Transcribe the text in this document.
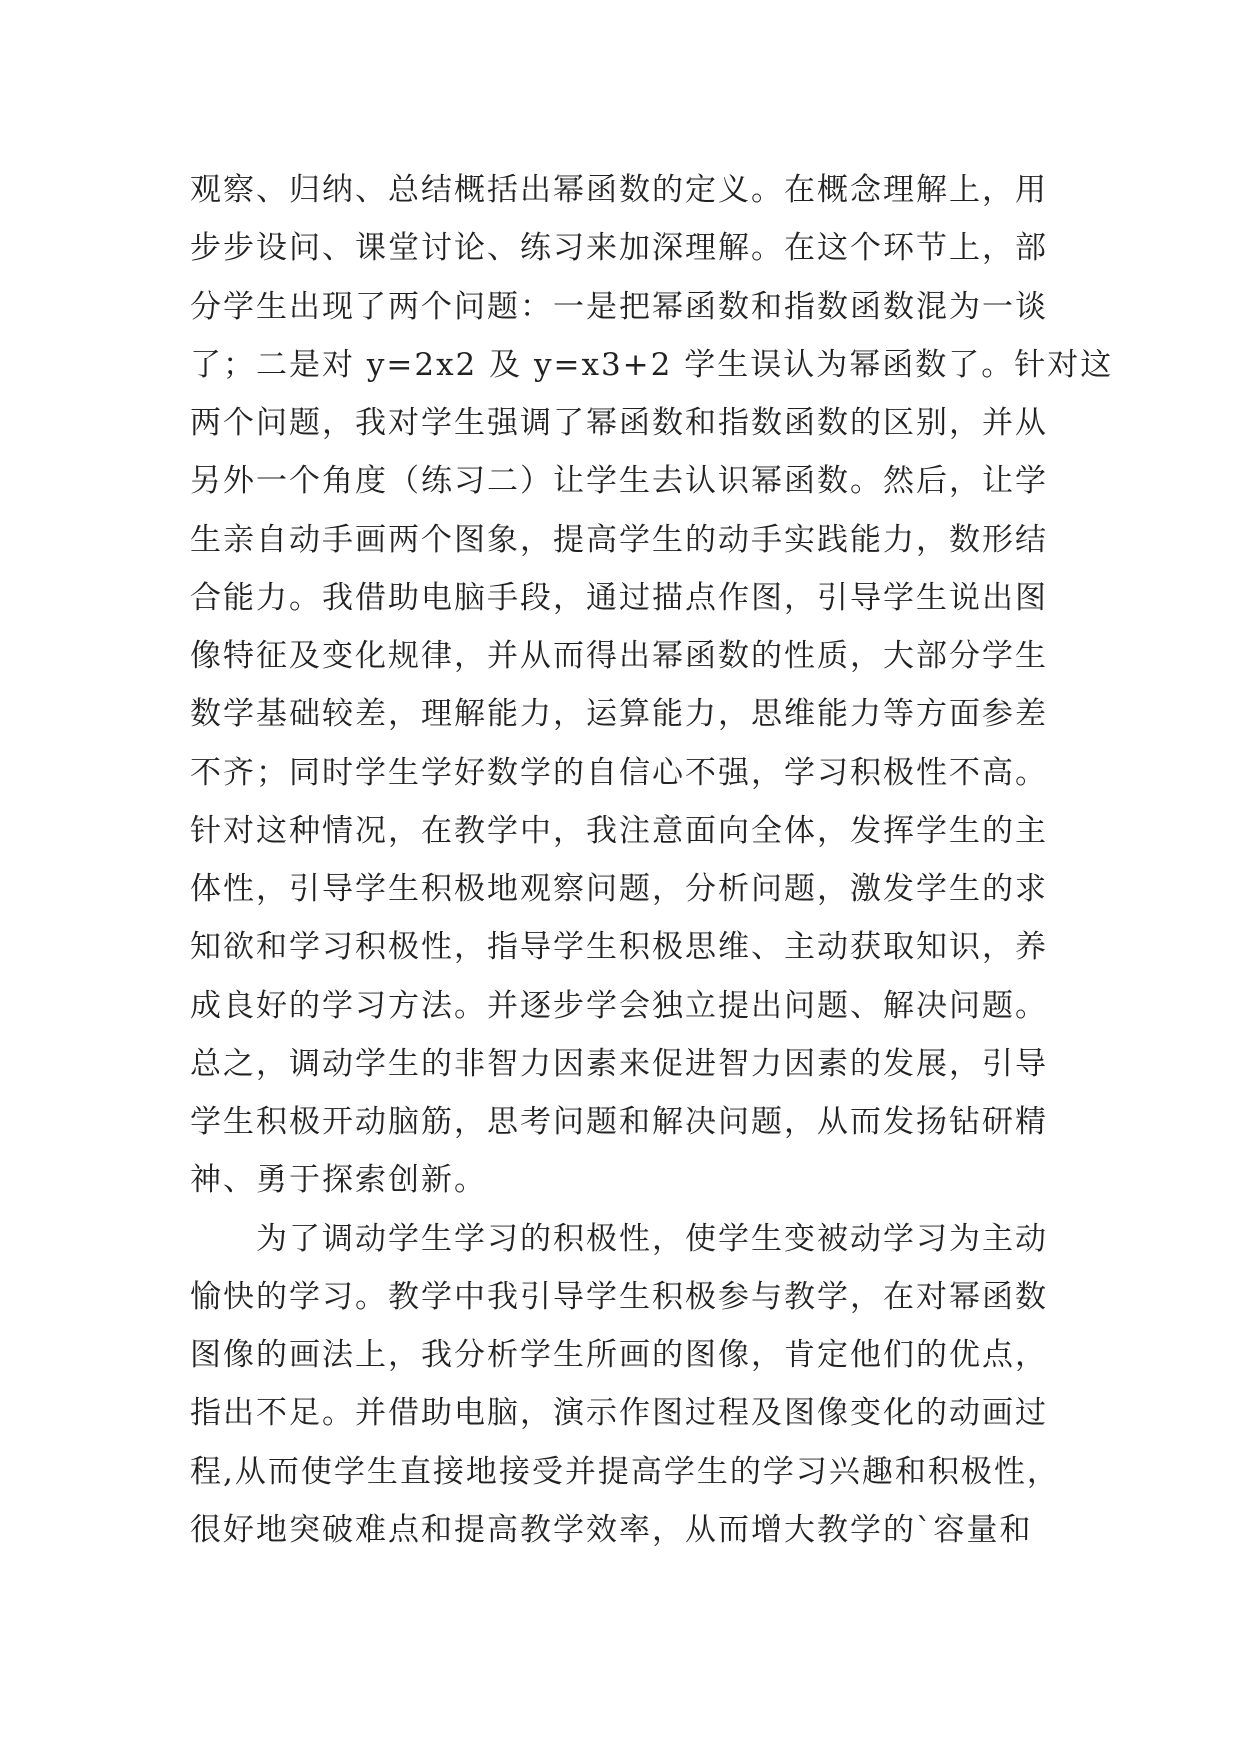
观察、归纳、总结概括出幂函数的定义。在概念理解上，用
步步设问、课堂讨论、练习来加深理解。在这个环节上，部
分学生出现了两个问题：一是把幂函数和指数函数混为一谈
了；二是对 y=2x2 及 y=x3+2 学生误认为幂函数了。针对这
两个问题，我对学生强调了幂函数和指数函数的区别，并从
另外一个角度（练习二）让学生去认识幂函数。然后，让学
生亲自动手画两个图象，提高学生的动手实践能力，数形结
合能力。我借助电脑手段，通过描点作图，引导学生说出图
像特征及变化规律，并从而得出幂函数的性质，大部分学生
数学基础较差，理解能力，运算能力，思维能力等方面参差
不齐；同时学生学好数学的自信心不强，学习积极性不高。
针对这种情况，在教学中，我注意面向全体，发挥学生的主
体性，引导学生积极地观察问题，分析问题，激发学生的求
知欲和学习积极性，指导学生积极思维、主动获取知识，养
成良好的学习方法。并逐步学会独立提出问题、解决问题。
总之，调动学生的非智力因素来促进智力因素的发展，引导
学生积极开动脑筋，思考问题和解决问题，从而发扬钻研精
神、勇于探索创新。
为了调动学生学习的积极性，使学生变被动学习为主动
愉快的学习。教学中我引导学生积极参与教学，在对幂函数
图像的画法上，我分析学生所画的图像，肯定他们的优点，
指出不足。并借助电脑，演示作图过程及图像变化的动画过
程,从而使学生直接地接受并提高学生的学习兴趣和积极性，
很好地突破难点和提高教学效率，从而增大教学的`容量和
